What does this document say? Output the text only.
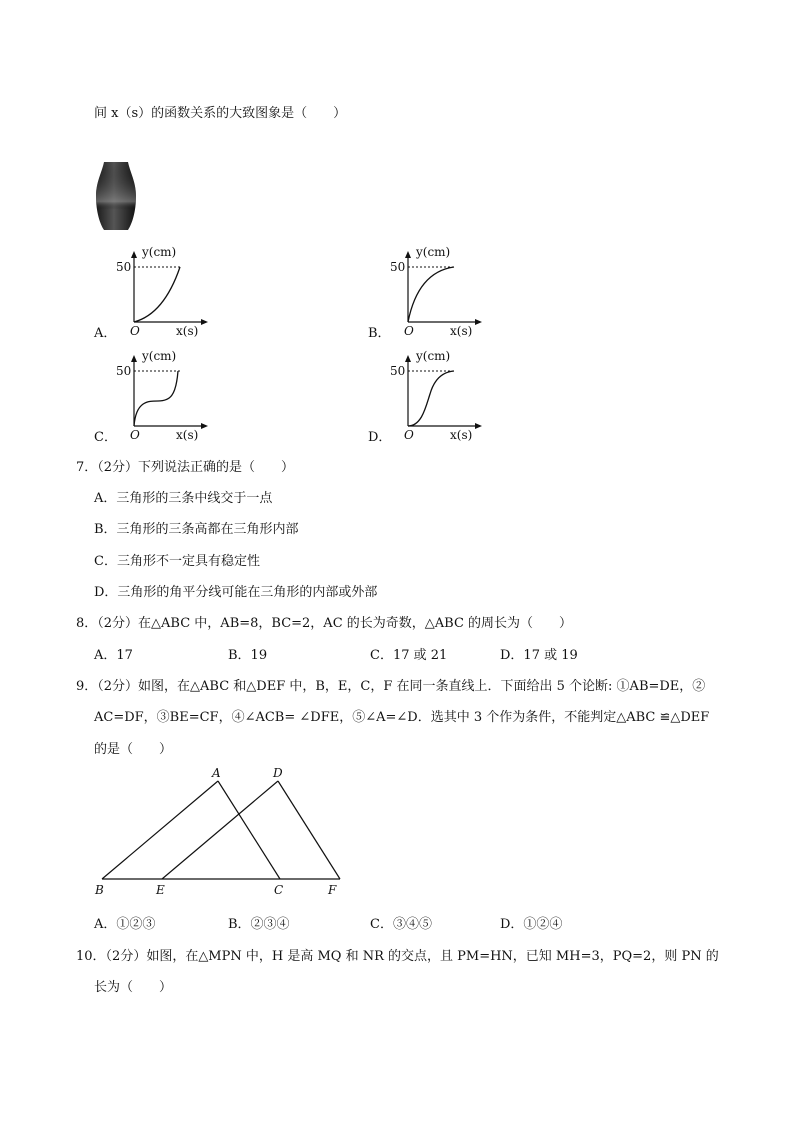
间 x（s）的函数关系的大致图象是（　　）
A．
y(cm)
50
O	x(s)	B．
y(cm)
50
O	x(s)
C．
y(cm)
50
O	x(s)	D．
y(cm)
50
O	x(s)
7．（2分）下列说法正确的是（　　）
A．三角形的三条中线交于一点
B．三角形的三条高都在三角形内部
C．三角形不一定具有稳定性
D．三角形的角平分线可能在三角形的内部或外部
8．（2分）在△ABC 中，AB=8，BC=2，AC 的长为奇数，△ABC 的周长为（　　）
A．17	B．19	C．17 或 21	D．17 或 19
9．（2分）如图，在△ABC 和△DEF 中，B，E，C，F 在同一条直线上．下面给出 5 个论断: ①AB=DE，②
AC=DF，③BE=CF，④∠ACB= ∠DFE，⑤∠A=∠D．选其中 3 个作为条件，不能判定△ABC ≌△DEF
的是（　　）
A	D
B	E	C	F
A．①②③	B．②③④	C．③④⑤	D．①②④
10．（2分）如图，在△MPN 中，H 是高 MQ 和 NR 的交点，且 PM=HN，已知 MH=3，PQ=2，则 PN 的
长为（　　）
